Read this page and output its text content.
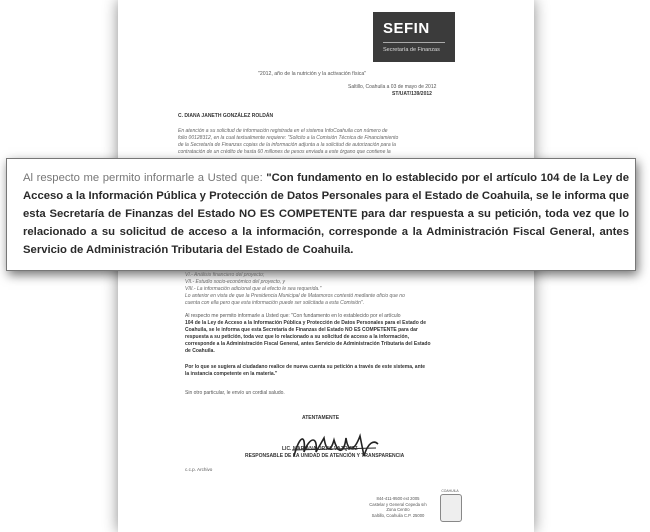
SEFIN
Secretaría de Finanzas
"2012, año de la nutrición y la activación física"
Saltillo, Coahuila a 03 de mayo de 2012
ST/UAT/139/2012
C. DIANA JANETH GONZÁLEZ ROLDÁN
En atención a su solicitud de información registrada en el sistema InfoCoahuila con número de
folio 00128312, en la cual textualmente requiere: "Solicito a la Comisión Técnica de Financiamiento
de la Secretaría de Finanzas copias de la información adjunta a la solicitud de autorización para la
contratación de un crédito de hasta 60 millones de pesos enviada a este órgano que contiene la

Al respecto me permito informarle a Usted que: "Con fundamento en lo establecido por el artículo 104 de la Ley de Acceso a la Información Pública y Protección de Datos Personales para el Estado de Coahuila, se le informa que esta Secretaría de Finanzas del Estado NO ES COMPETENTE para dar respuesta a su petición, toda vez que lo relacionado a su solicitud de acceso a la información, corresponde a la Administración Fiscal General, antes Servicio de Administración Tributaria del Estado de Coahuila.

VI.- Análisis financiero del proyecto;
VII.- Estudio socio-económico del proyecto, y
VIII.- La información adicional que al efecto le sea requerida."
Lo anterior en vista de que la Presidencia Municipal de Matamoros contestó mediante oficio que no
cuenta con ella pero que esta información puede ser solicitada a esta Comisión".
Al respecto me permito informarle a Usted que: "Con fundamento en lo establecido por el artículo
104 de la Ley de Acceso a la Información Pública y Protección de Datos Personales para el Estado de
Coahuila, se le informa que esta Secretaría de Finanzas del Estado NO ES COMPETENTE para dar
respuesta a su petición, toda vez que lo relacionado a su solicitud de acceso a la información,
corresponde a la Administración Fiscal General, antes Servicio de Administración Tributaria del Estado
de Coahuila.
Por lo que se sugiera al ciudadano realice de nueva cuenta su petición a través de este sistema, ante
la instancia competente en la materia."
Sin otro particular, le envío un cordial saludo.
ATENTAMENTE
LIC. MARIANA ORTIZ VAZQUEZ
RESPONSABLE DE LA UNIDAD DE ATENCIÓN Y TRANSPARENCIA
c.c.p. Archivo
844-411-9500 ext 2005
Castelar y General Cepeda s/n
Zona Centro
Saltillo, Coahuila C.P. 25000
COAHUILA
